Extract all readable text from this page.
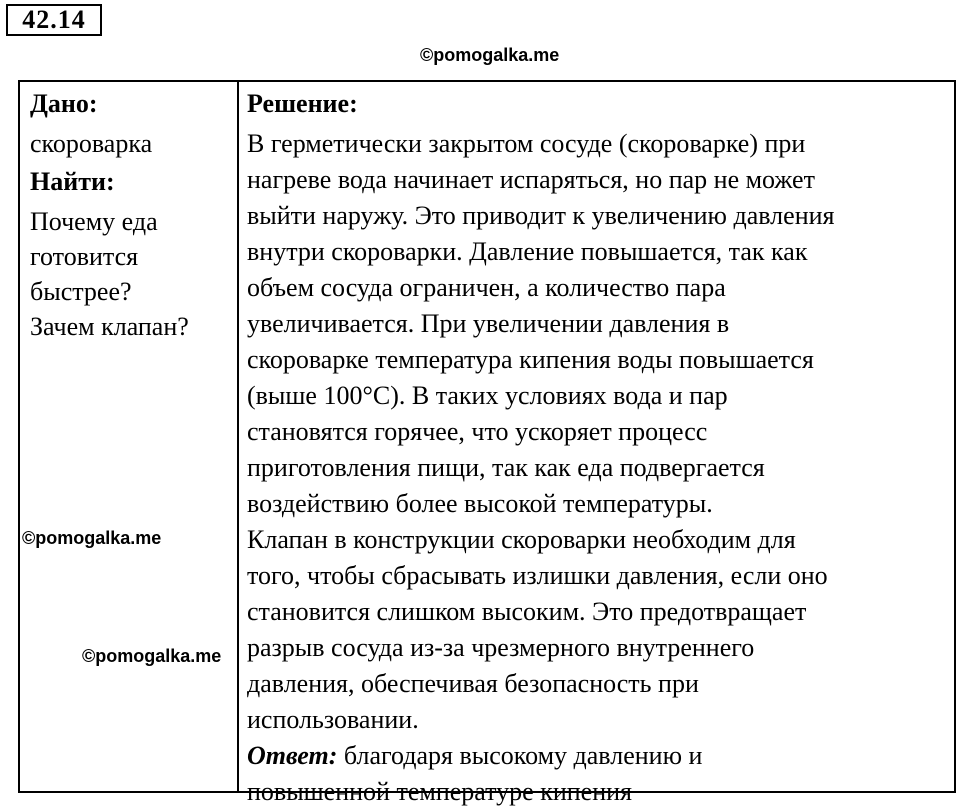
42.14
©pomogalka.me
Дано:
скороварка
Найти:
Почему еда
готовится
быстрее?
Зачем клапан?
Решение:
В герметически закрытом сосуде (скороварке) при
нагреве вода начинает испаряться, но пар не может
выйти наружу. Это приводит к увеличению давления
внутри скороварки. Давление повышается, так как
объем сосуда ограничен, а количество пара
увеличивается. При увеличении давления в
скороварке температура кипения воды повышается
(выше 100°C). В таких условиях вода и пар
становятся горячее, что ускоряет процесс
приготовления пищи, так как еда подвергается
воздействию более высокой температуры.
Клапан в конструкции скороварки необходим для
того, чтобы сбрасывать излишки давления, если оно
становится слишком высоким. Это предотвращает
разрыв сосуда из-за чрезмерного внутреннего
давления, обеспечивая безопасность при
использовании.
Ответ: благодаря высокому давлению и
повышенной температуре кипения
©pomogalka.me
©pomogalka.me
